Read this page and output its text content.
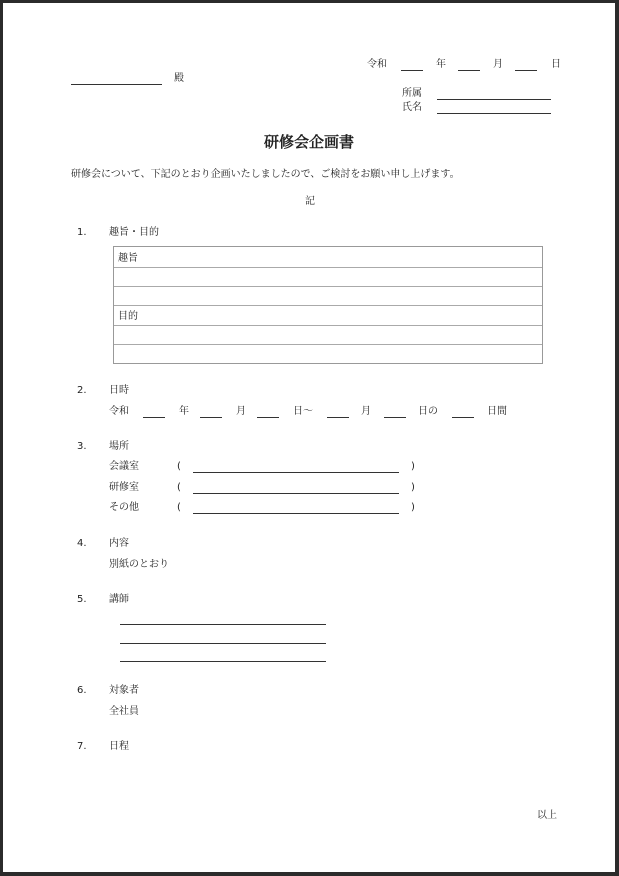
令和	年	月	日
殿
所属
氏名
研修会企画書
研修会について、下記のとおり企画いたしましたので、ご検討をお願い申し上げます。
記
1. 趣旨・目的
趣旨
目的
2. 日時
令和	年	月	日〜	月	日の	日間
3. 場所
会議室	(	)
研修室	(	)
その他	(	)
4. 内容
別紙のとおり
5. 講師
6. 対象者
全社員
7. 日程
以上
